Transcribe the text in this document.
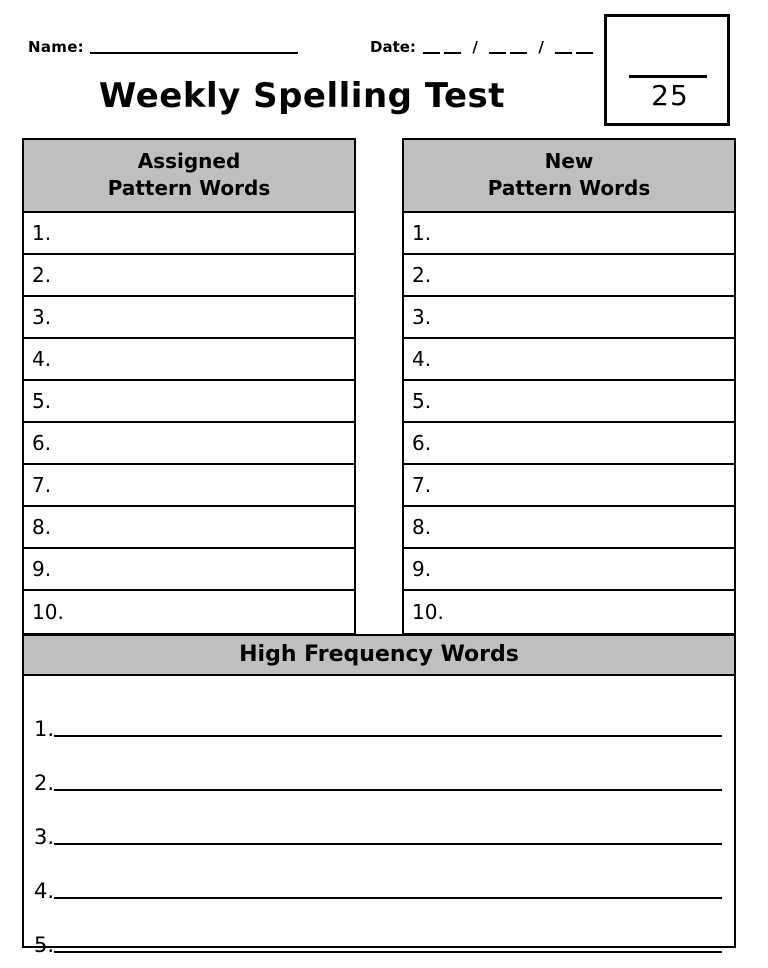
Name:	Date:	/	/
25
Weekly Spelling Test
Assigned
Pattern Words
1.
2.
3.
4.
5.
6.
7.
8.
9.
10.
New
Pattern Words
1.
2.
3.
4.
5.
6.
7.
8.
9.
10.
High Frequency Words
1.
2.
3.
4.
5.
